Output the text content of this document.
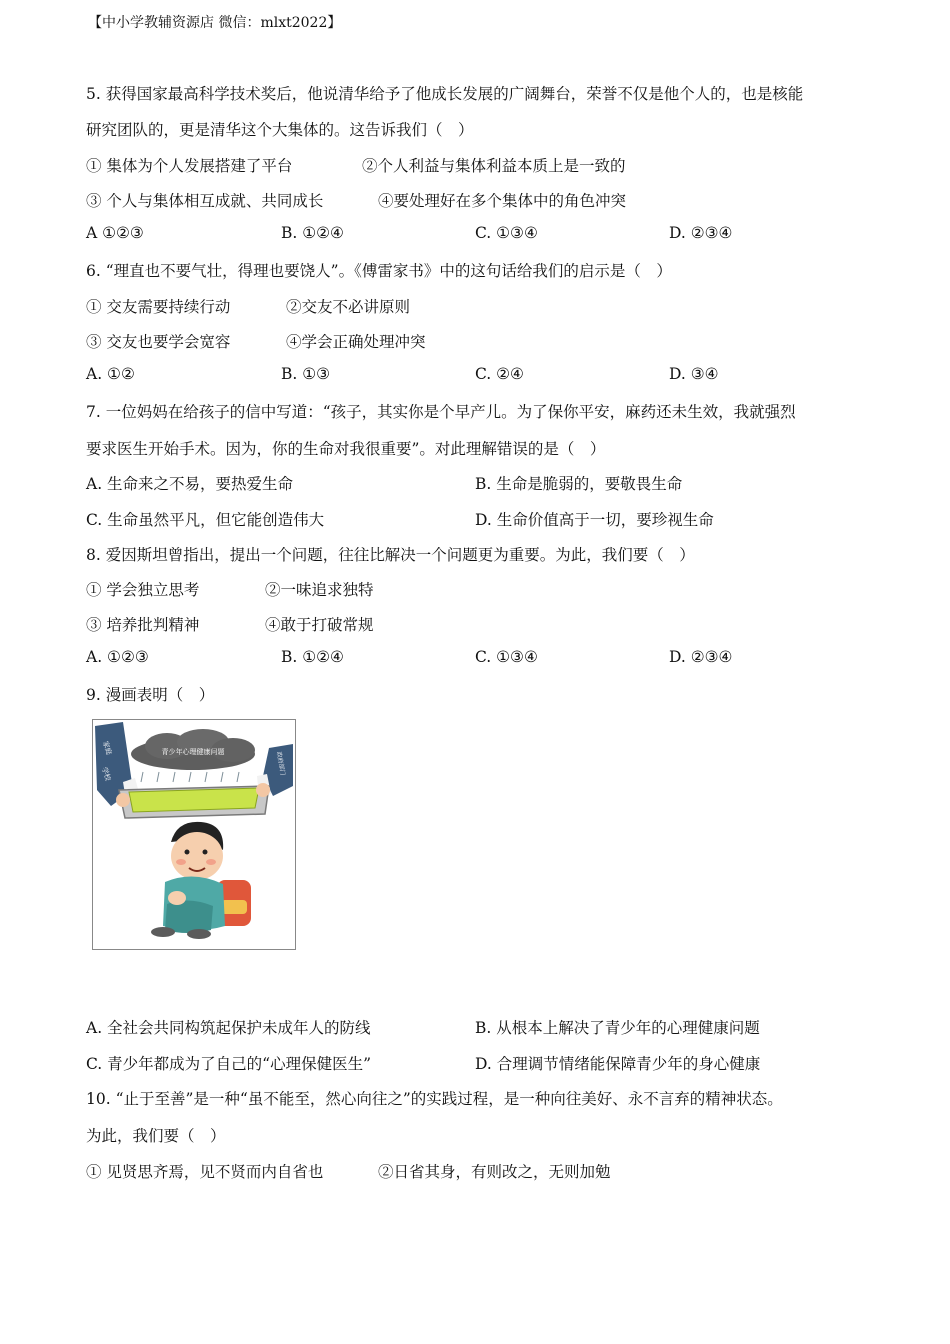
【中小学教辅资源店 微信：mlxt2022】
5. 获得国家最高科学技术奖后，他说清华给予了他成长发展的广阔舞台，荣誉不仅是他个人的，也是核能
研究团队的，更是清华这个大集体的。这告诉我们（　）
① 集体为个人发展搭建了平台	②个人利益与集体利益本质上是一致的
③ 个人与集体相互成就、共同成长	④要处理好在多个集体中的角色冲突
A ①②③	B. ①②④	C. ①③④	D. ②③④
6. “理直也不要气壮，得理也要饶人”。《傅雷家书》中的这句话给我们的启示是（　）
① 交友需要持续行动	②交友不必讲原则
③ 交友也要学会宽容	④学会正确处理冲突
A. ①②	B. ①③	C. ②④	D. ③④
7. 一位妈妈在给孩子的信中写道：“孩子，其实你是个早产儿。为了保你平安，麻药还未生效，我就强烈
要求医生开始手术。因为，你的生命对我很重要”。对此理解错误的是（　）
A. 生命来之不易，要热爱生命	B. 生命是脆弱的，要敬畏生命
C. 生命虽然平凡，但它能创造伟大	D. 生命价值高于一切，要珍视生命
8. 爱因斯坦曾指出，提出一个问题，往往比解决一个问题更为重要。为此，我们要（　）
① 学会独立思考	②一味追求独特
③ 培养批判精神	④敢于打破常规
A. ①②③	B. ①②④	C. ①③④	D. ②③④
9. 漫画表明（　）
家庭
学校	政府部门
青少年心理健康问题
A. 全社会共同构筑起保护未成年人的防线	B. 从根本上解决了青少年的心理健康问题
C. 青少年都成为了自己的“心理保健医生”	D. 合理调节情绪能保障青少年的身心健康
10. “止于至善”是一种“虽不能至，然心向往之”的实践过程，是一种向往美好、永不言弃的精神状态。
为此，我们要（　）
① 见贤思齐焉，见不贤而内自省也	②日省其身，有则改之，无则加勉
